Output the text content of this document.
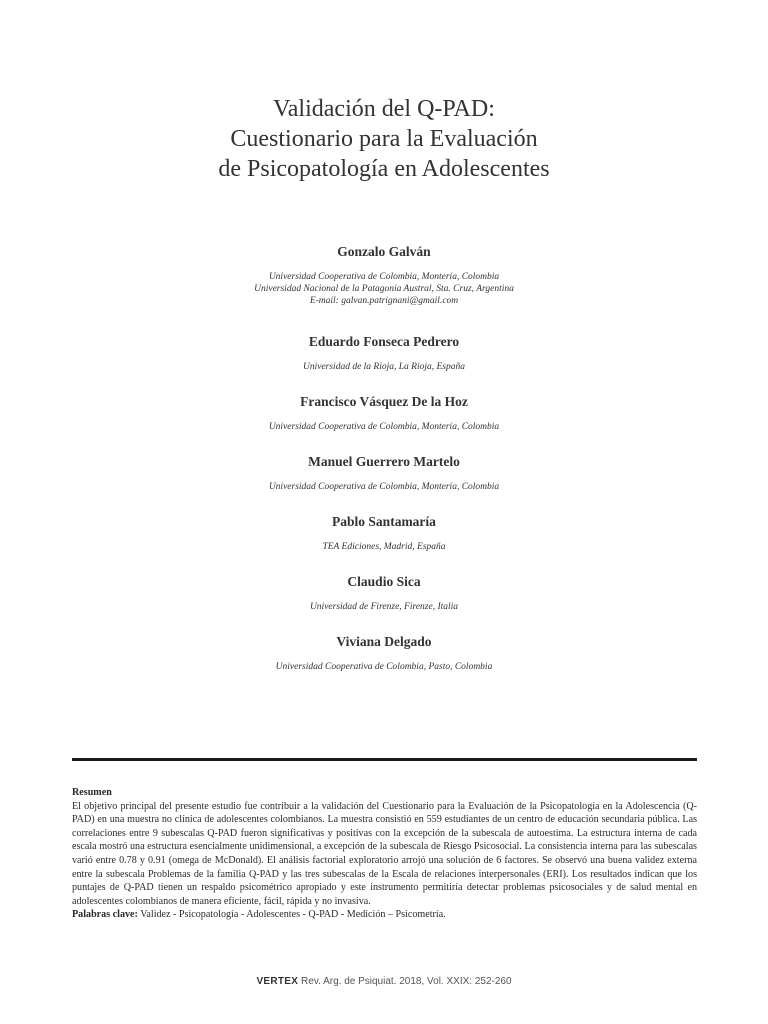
Validación del Q-PAD:
Cuestionario para la Evaluación
de Psicopatología en Adolescentes
Gonzalo Galván
Universidad Cooperativa de Colombia, Montería, Colombia
Universidad Nacional de la Patagonia Austral, Sta. Cruz, Argentina
E-mail: galvan.patrignani@gmail.com
Eduardo Fonseca Pedrero
Universidad de la Rioja, La Rioja, España
Francisco Vásquez De la Hoz
Universidad Cooperativa de Colombia, Montería, Colombia
Manuel Guerrero Martelo
Universidad Cooperativa de Colombia, Montería, Colombia
Pablo Santamaría
TEA Ediciones, Madrid, España
Claudio Sica
Universidad de Firenze, Firenze, Italia
Viviana Delgado
Universidad Cooperativa de Colombia, Pasto, Colombia
Resumen
El objetivo principal del presente estudio fue contribuir a la validación del Cuestionario para la Evaluación de la Psicopatología en la Adolescencia (Q-PAD) en una muestra no clínica de adolescentes colombianos. La muestra consistió en 559 estudiantes de un centro de educación secundaria pública. Las correlaciones entre 9 subescalas Q-PAD fueron significativas y positivas con la excepción de la subescala de autoestima. La estructura interna de cada escala mostró una estructura esencialmente unidimensional, a excepción de la subescala de Riesgo Psicosocial. La consistencia interna para las subescalas varió entre 0.78 y 0.91 (omega de McDonald). El análisis factorial exploratorio arrojó una solución de 6 factores. Se observó una buena validez externa entre la subescala Problemas de la familia Q-PAD y las tres subescalas de la Escala de relaciones interpersonales (ERI). Los resultados indican que los puntajes de Q-PAD tienen un respaldo psicométrico apropiado y este instrumento permitiría detectar problemas psicosociales y de salud mental en adolescentes colombianos de manera eficiente, fácil, rápida y no invasiva.
Palabras clave: Validez - Psicopatología - Adolescentes - Q-PAD - Medición – Psicometría.
VERTEX Rev. Arg. de Psiquiat. 2018, Vol. XXIX: 252-260
